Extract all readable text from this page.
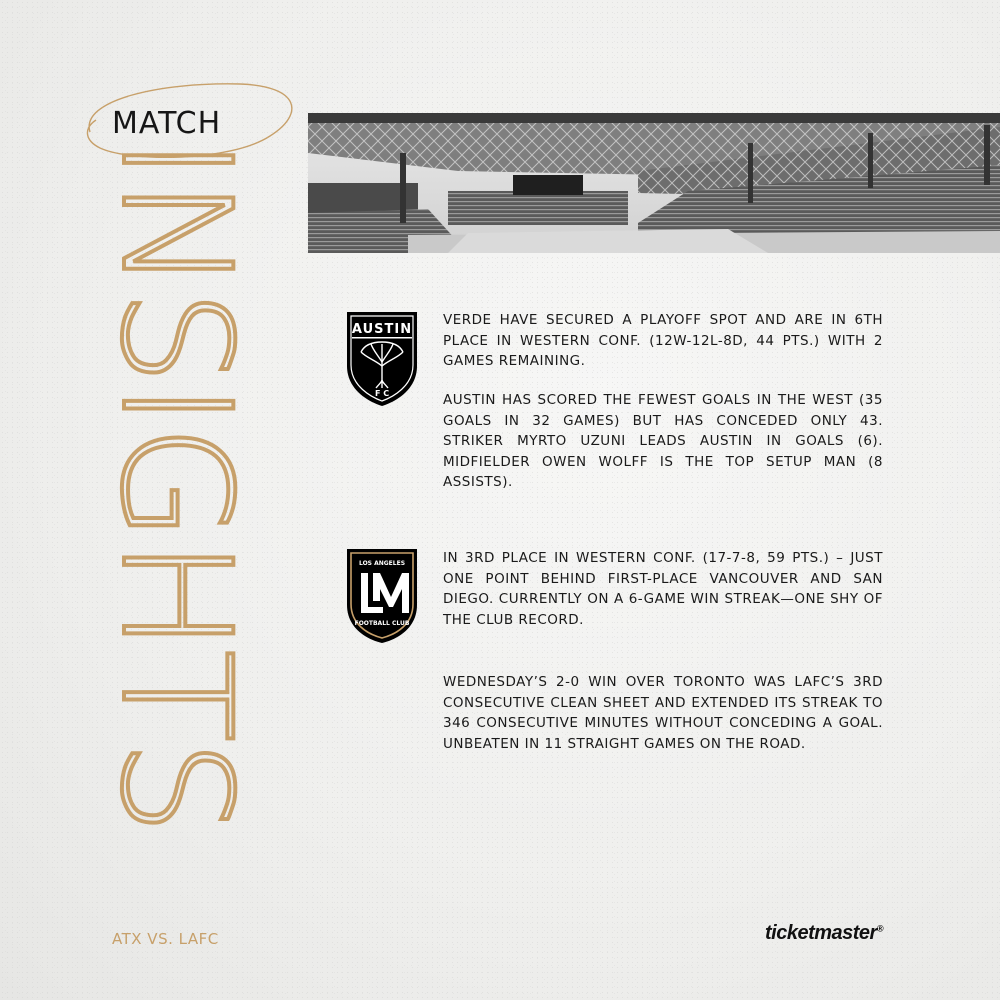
MATCH
INSIGHTS	AUSTIN
F C
LOS ANGELES
FOOTBALL CLUB

VERDE HAVE SECURED A PLAYOFF SPOT AND ARE IN 6TH PLACE IN WESTERN CONF. (12W-12L-8D, 44 PTS.) WITH 2 GAMES REMAINING.

AUSTIN HAS SCORED THE FEWEST GOALS IN THE WEST (35 GOALS IN 32 GAMES) BUT HAS CONCEDED ONLY 43. STRIKER MYRTO UZUNI LEADS AUSTIN IN GOALS (6). MIDFIELDER OWEN WOLFF IS THE TOP SETUP MAN (8 ASSISTS).

IN 3RD PLACE IN WESTERN CONF. (17-7-8, 59 PTS.) – JUST ONE POINT BEHIND FIRST-PLACE VANCOUVER AND SAN DIEGO. CURRENTLY ON A 6-GAME WIN STREAK—ONE SHY OF THE CLUB RECORD.

WEDNESDAY’S 2-0 WIN OVER TORONTO WAS LAFC’S 3RD CONSECUTIVE CLEAN SHEET AND EXTENDED ITS STREAK TO 346 CONSECUTIVE MINUTES WITHOUT CONCEDING A GOAL. UNBEATEN IN 11 STRAIGHT GAMES ON THE ROAD.

ATX VS. LAFC	ticketmaster®
